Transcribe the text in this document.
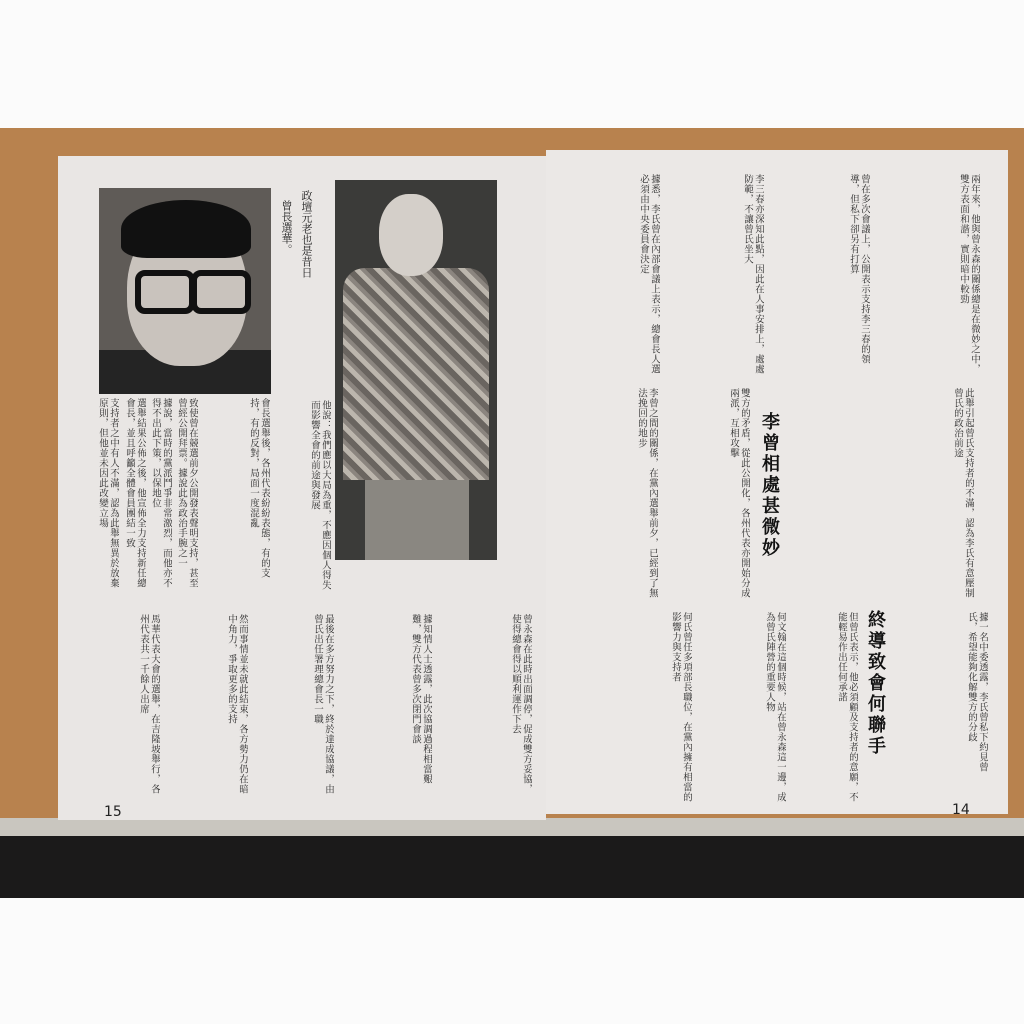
政壇元老也是昔日
曾長選華。
致使曾在競選前夕公開發表聲明支持，甚至曾經公開拜票。據說此為政治手腕之一
據說，當時的黨派鬥爭非常激烈，而他亦不得不出此下策，以保地位
選舉結果公佈之後，他宣佈全力支持新任總會長，並且呼籲全體會員團結一致
支持者之中有人不滿，認為此舉無異於放棄原則，但他並未因此改變立場	他說：我們應以大局為重，不應因個人得失而影響全會的前途與發展
會長選舉後，各州代表紛紛表態，有的支持，有的反對，局面一度混亂
曾永森在此時出面調停，促成雙方妥協，使得總會得以順利運作下去
據知情人士透露，此次協調過程相當艱難，雙方代表曾多次閉門會談
最後在多方努力之下，終於達成協議，由曾氏出任署理總會長一職
然而事情並未就此結束，各方勢力仍在暗中角力，爭取更多的支持
馬華代表大會的選舉，在吉隆坡舉行，各州代表共一千餘人出席
15
兩年來，他與曾永森的關係總是在微妙之中，雙方表面和諧，實則暗中較勁
曾在多次會議上，公開表示支持李三春的領導，但私下卻另有打算
李三春亦深知此點，因此在人事安排上，處處防範，不讓曾氏坐大
據悉，李氏曾在內部會議上表示，總會長人選必須由中央委員會決定
此舉引起曾氏支持者的不滿，認為李氏有意壓制曾氏的政治前途
李曾相處甚微妙
雙方的矛盾，從此公開化，各州代表亦開始分成兩派，互相攻擊
李曾之間的關係，在黨內選舉前夕，已經到了無法挽回的地步
據一名中委透露，李氏曾私下約見曾氏，希望能夠化解雙方的分歧
終導致會何聯手
但曾氏表示，他必須顧及支持者的意願，不能輕易作出任何承諾
何文翰在這個時候，站在曾永森這一邊，成為曾氏陣營的重要人物
何氏曾任多項部長職位，在黨內擁有相當的影響力與支持者
14
